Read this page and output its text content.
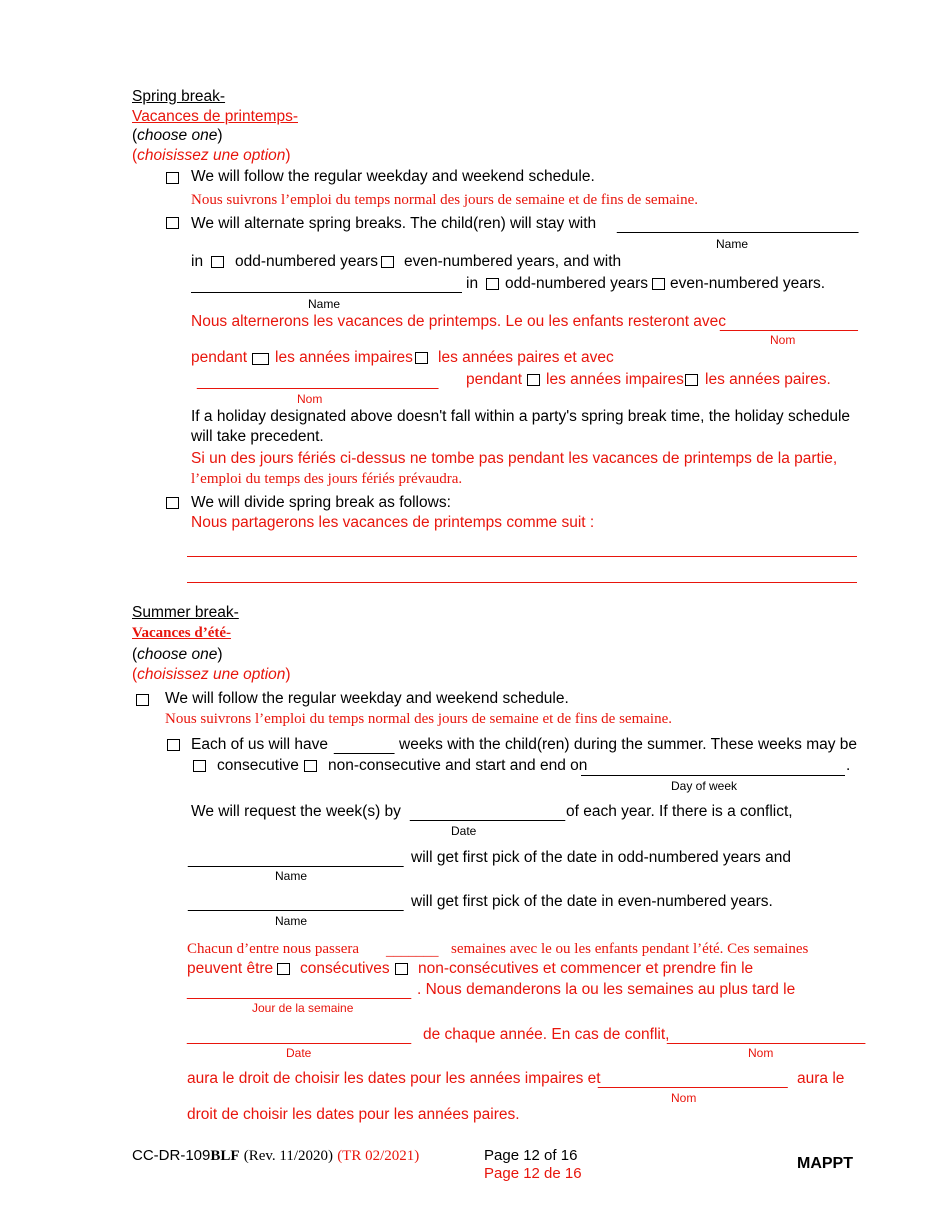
Spring break-
Vacances de printemps-
(choose one)
(choisissez une option)
We will follow the regular weekday and weekend schedule.
Nous suivrons l’emploi du temps normal des jours de semaine et de fins de semaine.
We will alternate spring breaks. The child(ren) will stay with ____________________________
Name
in odd-numbered years even-numbered years, and with
in odd-numbered years even-numbered years.
Name
Nous alternerons les vacances de printemps. Le ou les enfants resteront avec
________________
Nom
pendant les années impaires les années paires et avec
____________________________ pendant les années impaires les années paires.
Nom
If a holiday designated above doesn't fall within a party's spring break time, the holiday schedule
will take precedent.
Si un des jours fériés ci-dessus ne tombe pas pendant les vacances de printemps de la partie,
l’emploi du temps des jours fériés prévaudra.
We will divide spring break as follows:
Nous partagerons les vacances de printemps comme suit :
Summer break-
Vacances d’été-
(choose one)
(choisissez une option)
We will follow the regular weekday and weekend schedule.
Nous suivrons l’emploi du temps normal des jours de semaine et de fins de semaine.
Each of us will have _______ weeks with the child(ren) during the summer. These weeks may be
consecutive non-consecutive and start and end on	.
Day of week
We will request the week(s) by __________________ of each year. If there is a conflict,
Date
_________________________ will get first pick of the date in odd-numbered years and
Name
_________________________ will get first pick of the date in even-numbered years.
Name
Chacun d’entre nous passera _______ semaines avec le ou les enfants pendant l’été. Ces semaines
peuvent être consécutives non-consécutives et commencer et prendre fin le
__________________________ . Nous demanderons la ou les semaines au plus tard le
Jour de la semaine
__________________________ de chaque année. En cas de conflit,
_______________________
Date	Nom
aura le droit de choisir les dates pour les années impaires et
______________________ aura le
Nom
droit de choisir les dates pour les années paires.
CC-DR-109BLF (Rev. 11/2020) (TR 02/2021)	Page 12 of 16
Page 12 de 16
MAPPT
